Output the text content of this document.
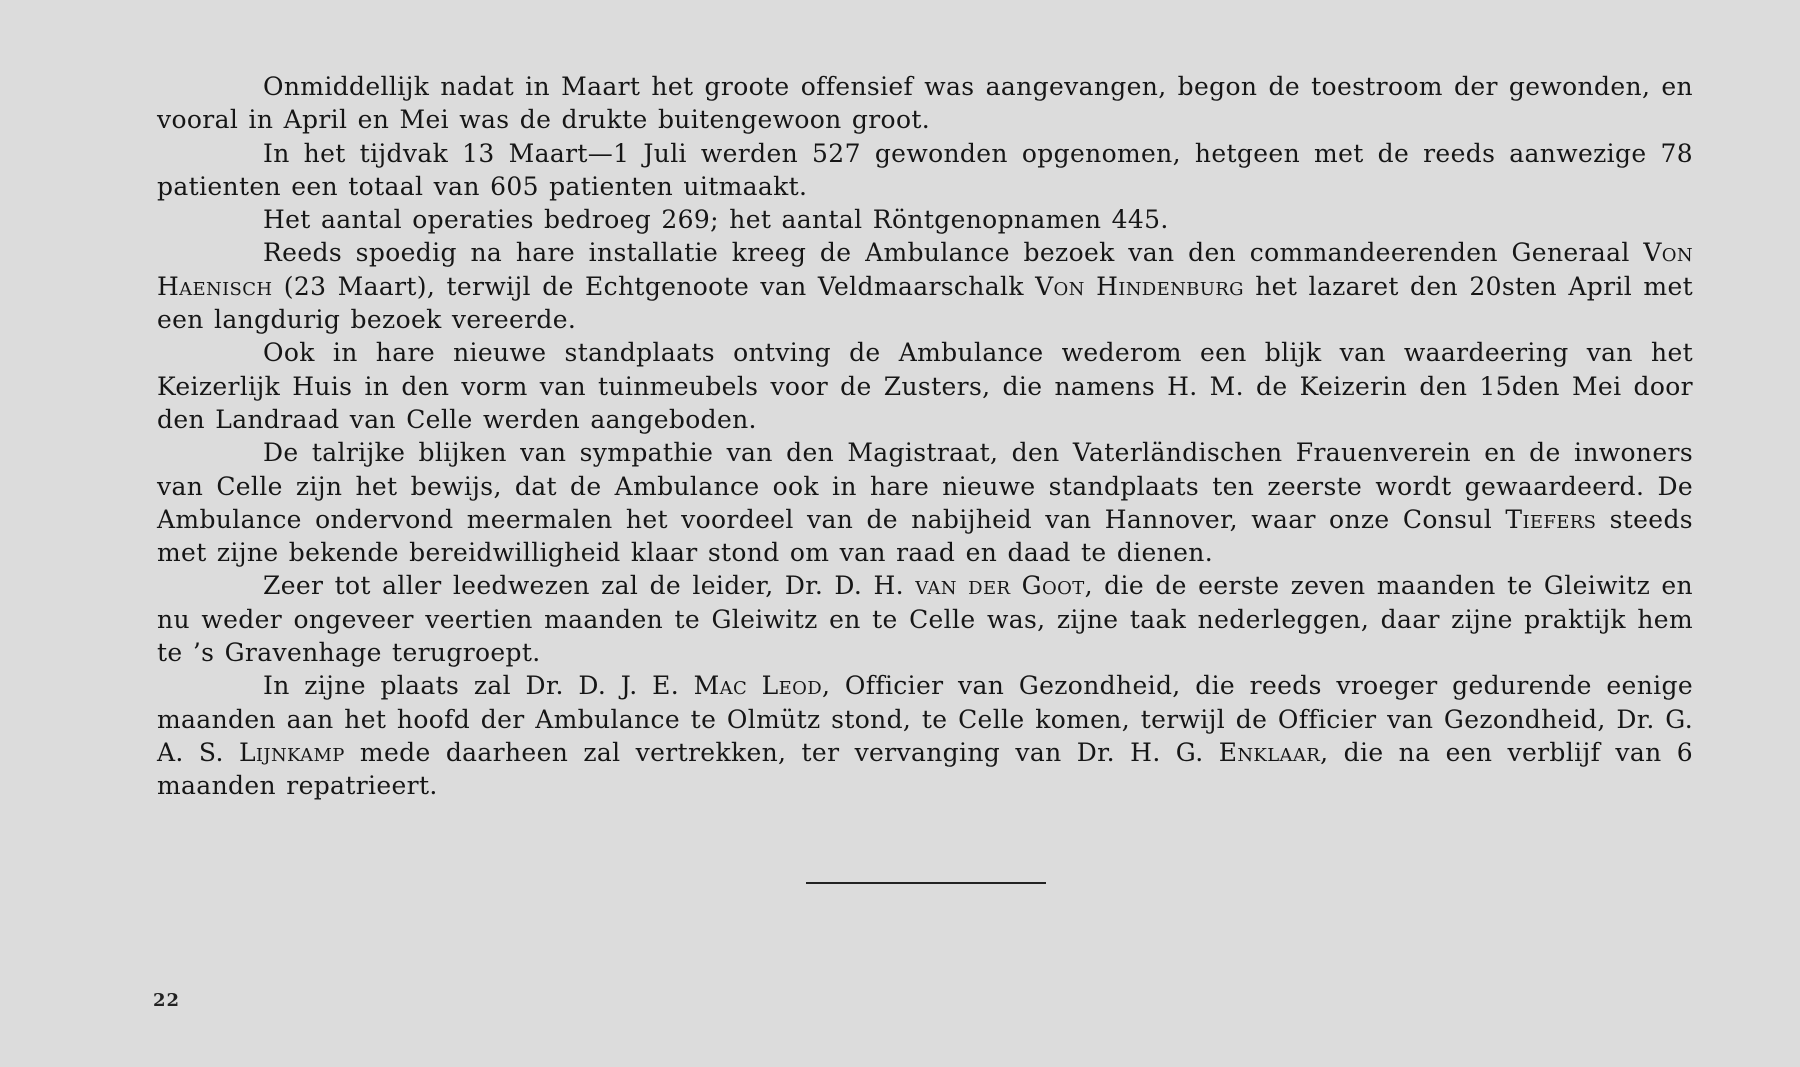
Onmiddellijk nadat in Maart het groote offensief was aangevangen, begon de toestroom der gewonden, en vooral in April en Mei was de drukte buitengewoon groot.

In het tijdvak 13 Maart—1 Juli werden 527 gewonden opgenomen, hetgeen met de reeds aanwezige 78 patienten een totaal van 605 patienten uitmaakt.

Het aantal operaties bedroeg 269; het aantal Röntgenopnamen 445.

Reeds spoedig na hare installatie kreeg de Ambulance bezoek van den commandeerenden Generaal Von Haenisch (23 Maart), terwijl de Echtgenoote van Veldmaarschalk Von Hindenburg het lazaret den 20sten April met een langdurig bezoek vereerde.

Ook in hare nieuwe standplaats ontving de Ambulance wederom een blijk van waardeering van het Keizerlijk Huis in den vorm van tuinmeubels voor de Zusters, die namens H. M. de Keizerin den 15den Mei door den Landraad van Celle werden aangeboden.

De talrijke blijken van sympathie van den Magistraat, den Vaterländischen Frauenverein en de inwoners van Celle zijn het bewijs, dat de Ambulance ook in hare nieuwe standplaats ten zeerste wordt gewaardeerd. De Ambulance ondervond meermalen het voordeel van de nabijheid van Hannover, waar onze Consul Tiefers steeds met zijne bekende bereidwilligheid klaar stond om van raad en daad te dienen.

Zeer tot aller leedwezen zal de leider, Dr. D. H. van der Goot, die de eerste zeven maanden te Gleiwitz en nu weder ongeveer veertien maanden te Gleiwitz en te Celle was, zijne taak nederleggen, daar zijne praktijk hem te ’s Gravenhage terugroept.

In zijne plaats zal Dr. D. J. E. Mac Leod, Officier van Gezondheid, die reeds vroeger gedurende eenige maanden aan het hoofd der Ambulance te Olmütz stond, te Celle komen, terwijl de Officier van Gezondheid, Dr. G. A. S. Lijnkamp mede daarheen zal vertrekken, ter vervanging van Dr. H. G. Enklaar, die na een verblijf van 6 maanden repatrieert.

22
